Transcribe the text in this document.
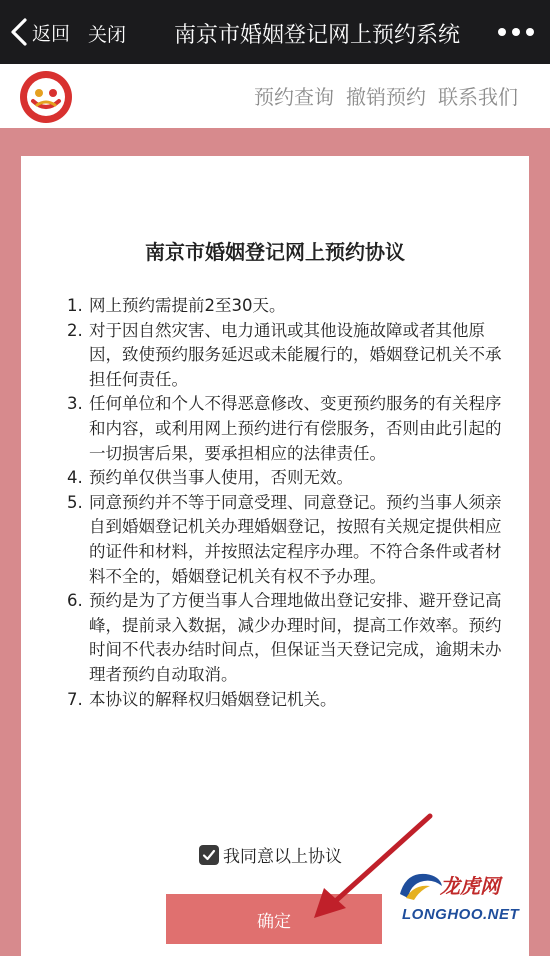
返回 关闭 南京市婚姻登记网上预约系统
预约查询 撤销预约 联系我们
南京市婚姻登记网上预约协议
1. 网上预约需提前2至30天。
2. 对于因自然灾害、电力通讯或其他设施故障或者其他原因，致使预约服务延迟或未能履行的，婚姻登记机关不承担任何责任。
3. 任何单位和个人不得恶意修改、变更预约服务的有关程序和内容，或利用网上预约进行有偿服务，否则由此引起的一切损害后果，要承担相应的法律责任。
4. 预约单仅供当事人使用，否则无效。
5. 同意预约并不等于同意受理、同意登记。预约当事人须亲自到婚姻登记机关办理婚姻登记，按照有关规定提供相应的证件和材料，并按照法定程序办理。不符合条件或者材料不全的，婚姻登记机关有权不予办理。
6. 预约是为了方便当事人合理地做出登记安排、避开登记高峰，提前录入数据，减少办理时间，提高工作效率。预约时间不代表办结时间点，但保证当天登记完成，逾期未办理者预约自动取消。
7. 本协议的解释权归婚姻登记机关。
我同意以上协议
确定
龙虎网
LONGHOO.NET
